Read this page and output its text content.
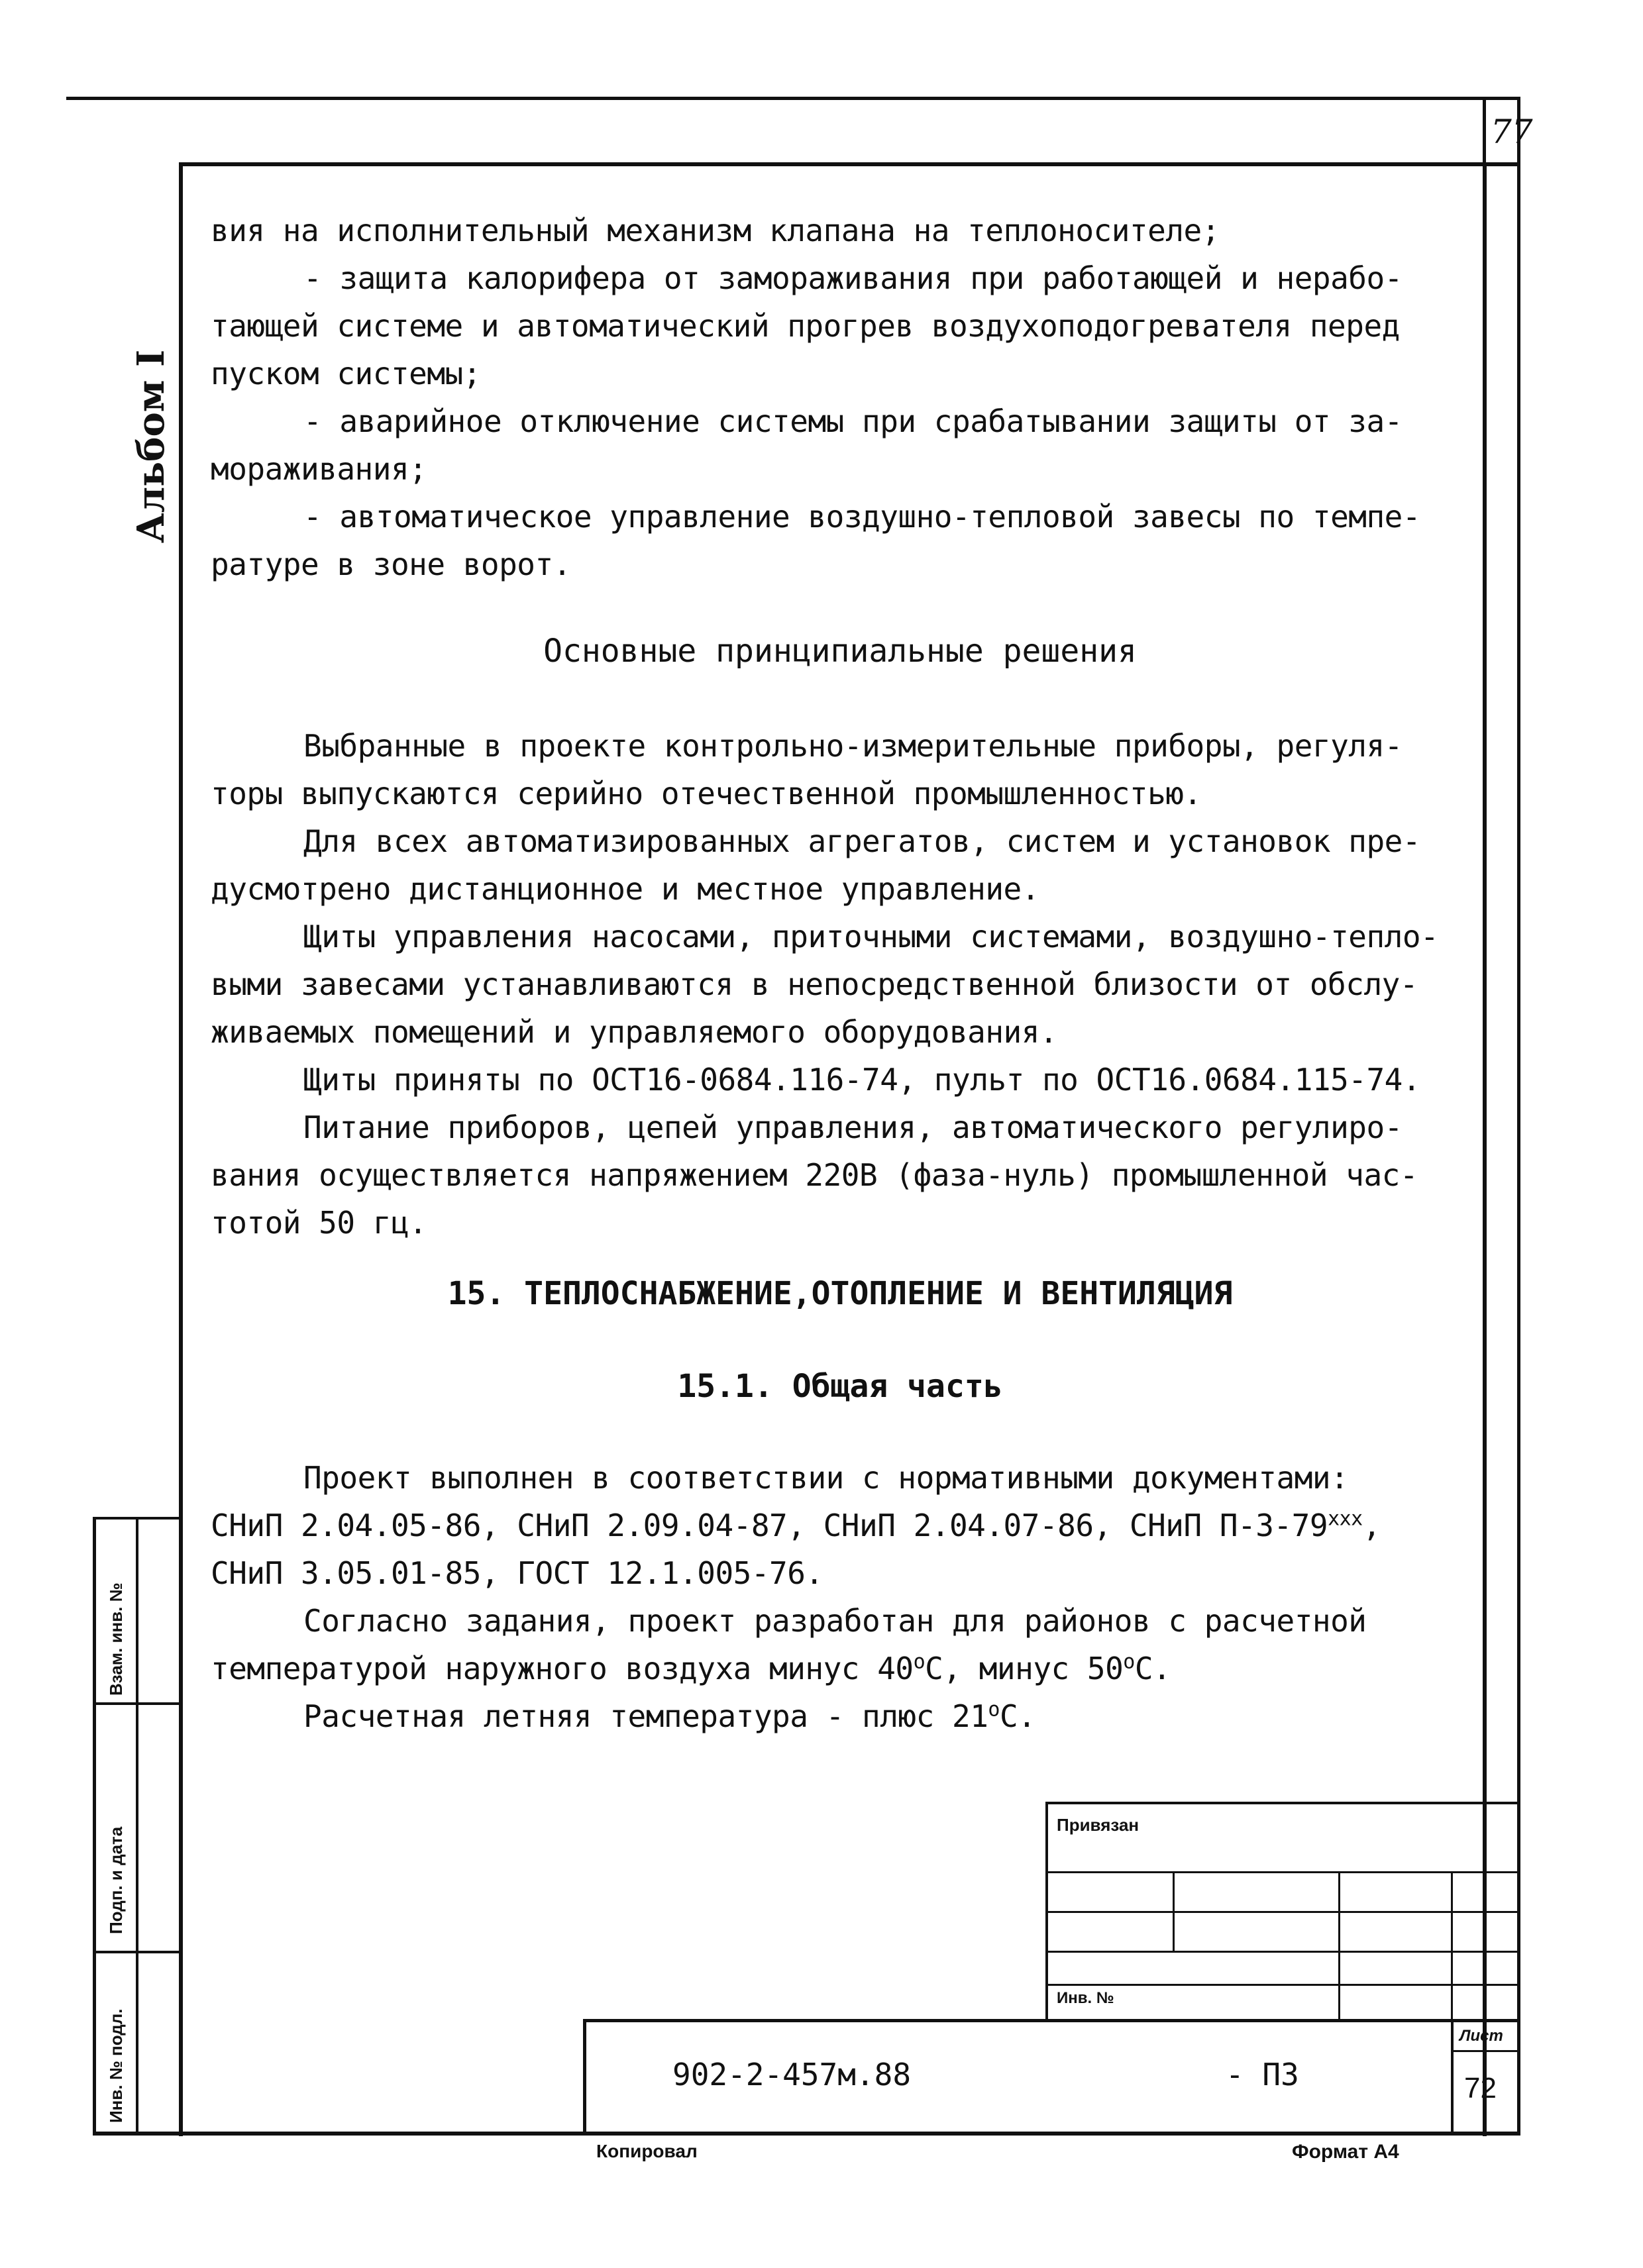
77
Альбом I
Взам. инв. №
Подп. и дата
Инв. № подл.

вия на исполнительный механизм клапана на теплоносителе;

- защита калорифера от замораживания при работающей и нерабо-

тающей системе и автоматический прогрев воздухоподогревателя перед

пуском системы;

- аварийное отключение системы при срабатывании защиты от за-

мораживания;

- автоматическое управление воздушно-тепловой завесы по темпе-

ратуре в зоне ворот.

Основные принципиальные решения

Выбранные в проекте контрольно-измерительные приборы, регуля-

торы выпускаются серийно отечественной промышленностью.

Для всех автоматизированных агрегатов, систем и установок пре-

дусмотрено дистанционное и местное управление.

Щиты управления насосами, приточными системами, воздушно-тепло-

выми завесами устанавливаются в непосредственной близости от обслу-

живаемых помещений и управляемого оборудования.

Щиты приняты по ОСТ16-0684.116-74, пульт по ОСТ16.0684.115-74.

Питание приборов, цепей управления, автоматического регулиро-

вания осуществляется напряжением 220В (фаза-нуль) промышленной час-

тотой 50 гц.

15. ТЕПЛОСНАБЖЕНИЕ,ОТОПЛЕНИЕ И ВЕНТИЛЯЦИЯ
15.1. Общая часть

Проект выполнен в соответствии с нормативными документами:

СНиП 2.04.05-86, СНиП 2.09.04-87, СНиП 2.04.07-86, СНиП $П-3-79^{ххх}$,

СНиП 3.05.01-85, ГОСТ 12.1.005-76.

Согласно задания, проект разработан для районов с расчетной

температурой наружного воздуха минус $40^оС$, минус $50^оС$.

Расчетная летняя температура - плюс $21^оС$.

Привязан
Инв. №
902-2-457м.88	- ПЗ
Лист
72
Копировал	Формат А4
